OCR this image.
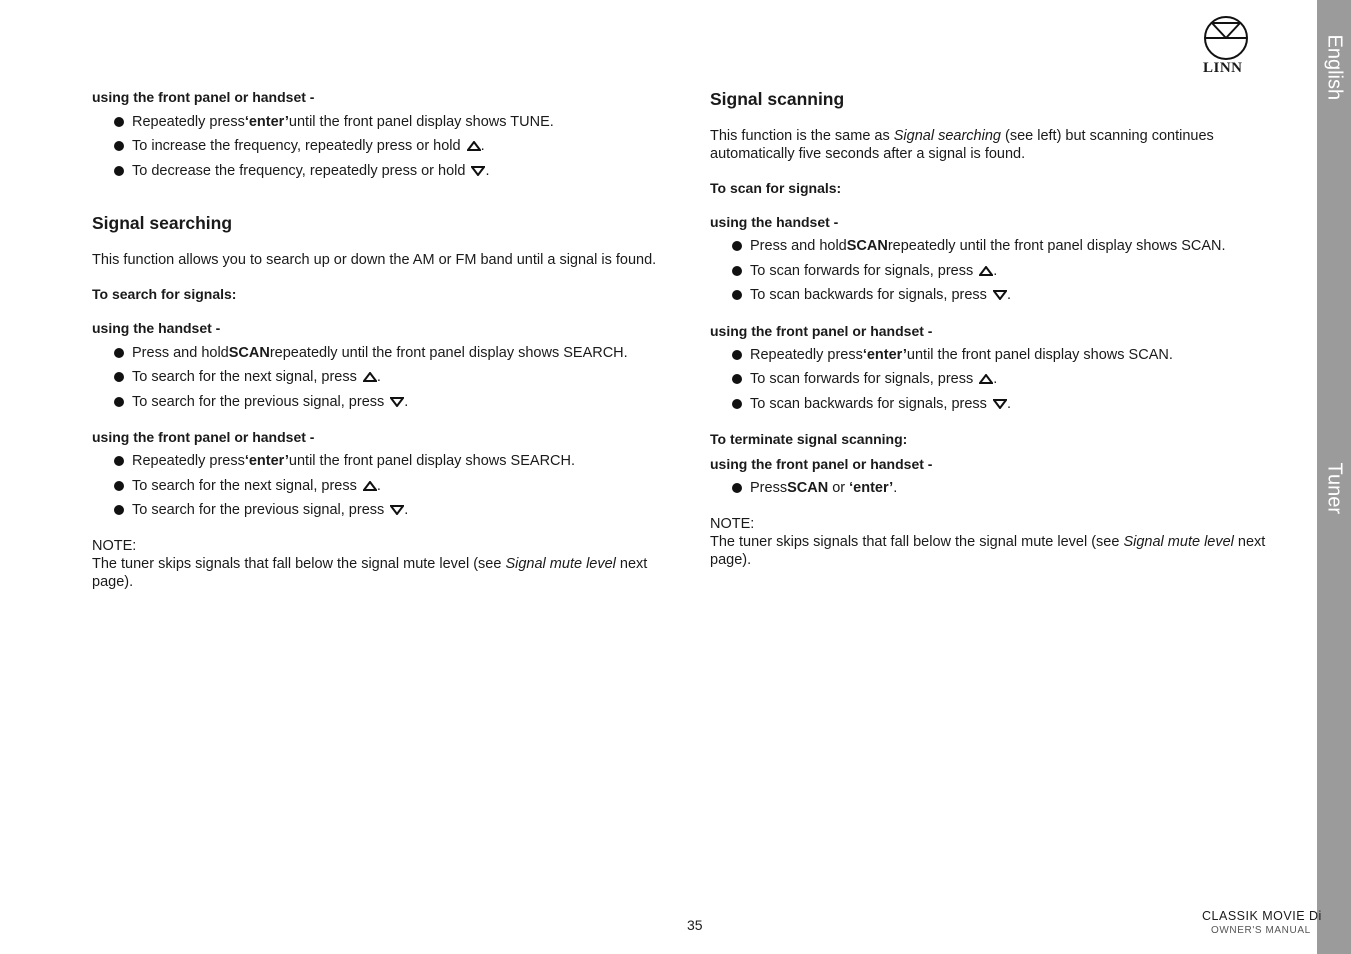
LINN
using the front panel or handset -
Repeatedly press ‘enter’ until the front panel display shows TUNE.
To increase the frequency, repeatedly press or hold .
To decrease the frequency, repeatedly press or hold .
Signal searching
This function allows you to search up or down the AM or FM band until a signal is found.
To search for signals:
using the handset -
Press and hold SCAN repeatedly until the front panel display shows SEARCH.
To search for the next signal, press .
To search for the previous signal, press .
using the front panel or handset -
Repeatedly press ‘enter’ until the front panel display shows SEARCH.
To search for the next signal, press .
To search for the previous signal, press .
NOTE:
The tuner skips signals that fall below the signal mute level (see Signal mute level next page).
Signal scanning
This function is the same as Signal searching (see left) but scanning continues automatically five seconds after a signal is found.
To scan for signals:
using the handset -
Press and hold SCAN repeatedly until the front panel display shows SCAN.
To scan forwards for signals, press .
To scan backwards for signals, press .
using the front panel or handset -
Repeatedly press ‘enter’ until the front panel display shows SCAN.
To scan forwards for signals, press .
To scan backwards for signals, press .
To terminate signal scanning:
using the front panel or handset -
Press SCAN or ‘enter’ .
NOTE:
The tuner skips signals that fall below the signal mute level (see Signal mute level next page).
English
Tuner
35
CLASSIK MOVIE Di
OWNER'S MANUAL
